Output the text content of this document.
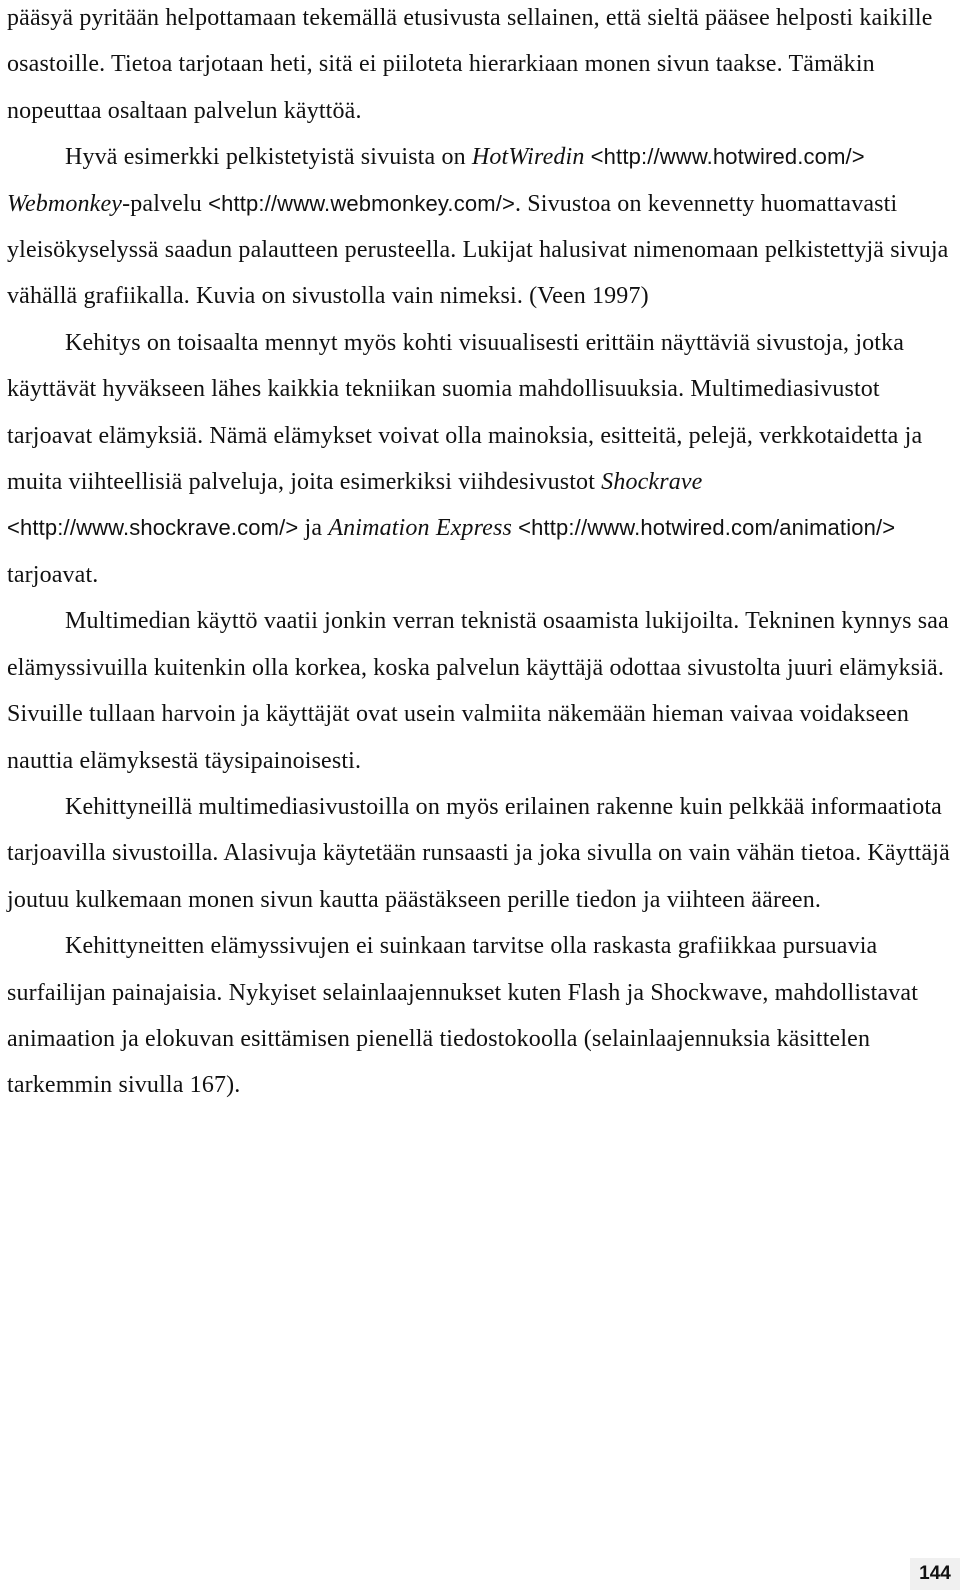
pääsyä pyritään helpottamaan tekemällä etusivusta sellainen, että sieltä pääsee helposti kaikille osastoille. Tietoa tarjotaan heti, sitä ei piiloteta hierarkiaan monen sivun taakse. Tämäkin nopeuttaa osaltaan palvelun käyttöä.

Hyvä esimerkki pelkistetyistä sivuista on HotWiredin <http://www.hotwired.com/> Webmonkey-palvelu <http://www.webmonkey.com/>. Sivustoa on kevennetty huomattavasti yleisökyselyssä saadun palautteen perusteella. Lukijat halusivat nimenomaan pelkistettyjä sivuja vähällä grafiikalla. Kuvia on sivustolla vain nimeksi. (Veen 1997)

Kehitys on toisaalta mennyt myös kohti visuualisesti erittäin näyttäviä sivustoja, jotka käyttävät hyväkseen lähes kaikkia tekniikan suomia mahdollisuuksia. Multimediasivustot tarjoavat elämyksiä. Nämä elämykset voivat olla mainoksia, esitteitä, pelejä, verkkotaidetta ja muita viihteellisiä palveluja, joita esimerkiksi viihdesivustot Shockrave <http://www.shockrave.com/> ja Animation Express <http://www.hotwired.com/animation/> tarjoavat.

Multimedian käyttö vaatii jonkin verran teknistä osaamista lukijoilta. Tekninen kynnys saa elämyssivuilla kuitenkin olla korkea, koska palvelun käyttäjä odottaa sivustolta juuri elämyksiä. Sivuille tullaan harvoin ja käyttäjät ovat usein valmiita näkemään hieman vaivaa voidakseen nauttia elämyksestä täysipainoisesti.

Kehittyneillä multimediasivustoilla on myös erilainen rakenne kuin pelkkää informaatiota tarjoavilla sivustoilla. Alasivuja käytetään runsaasti ja joka sivulla on vain vähän tietoa. Käyttäjä joutuu kulkemaan monen sivun kautta päästäkseen perille tiedon ja viihteen ääreen.

Kehittyneitten elämyssivujen ei suinkaan tarvitse olla raskasta grafiikkaa pursuavia surfailijan painajaisia. Nykyiset selainlaajennukset kuten Flash ja Shockwave, mahdollistavat animaation ja elokuvan esittämisen pienellä tiedostokoolla (selainlaajennuksia käsittelen tarkemmin sivulla 167).

144
